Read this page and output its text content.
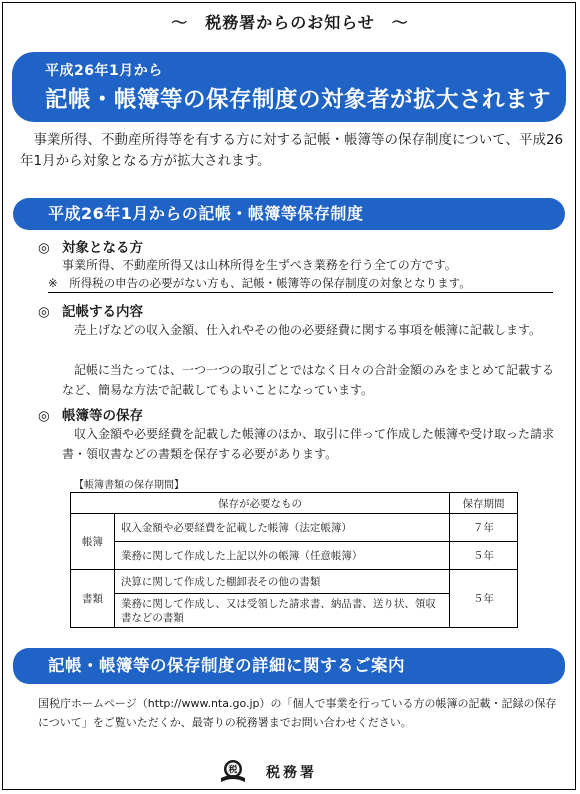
～　税務署からのお知らせ　～
平成26年1月から
記帳・帳簿等の保存制度の対象者が拡大されます
　事業所得、不動産所得等を有する方に対する記帳・帳簿等の保存制度について、平成26年1月から対象となる方が拡大されます。
平成26年1月からの記帳・帳簿等保存制度
◎ 対象となる方
事業所得、不動産所得又は山林所得を生ずべき業務を行う全ての方です。
※　所得税の申告の必要がない方も、記帳・帳簿等の保存制度の対象となります。
◎ 記帳する内容
　売上げなどの収入金額、仕入れやその他の必要経費に関する事項を帳簿に記載します。
　記帳に当たっては、一つ一つの取引ごとではなく日々の合計金額のみをまとめて記載するなど、簡易な方法で記載してもよいことになっています。
◎ 帳簿等の保存
　収入金額や必要経費を記載した帳簿のほか、取引に伴って作成した帳簿や受け取った請求書・領収書などの書類を保存する必要があります。
【帳簿書類の保存期間】
保存が必要なもの		保存期間
帳簿	収入金額や必要経費を記載した帳簿（法定帳簿）	７年
	業務に関して作成した上記以外の帳簿（任意帳簿）	５年
書類	決算に関して作成した棚卸表その他の書類	５年
	業務に関して作成し、又は受領した請求書、納品書、送り状、領収書などの書類	
記帳・帳簿等の保存制度の詳細に関するご案内
国税庁ホームページ（http://www.nta.go.jp）の「個人で事業を行っている方の帳簿の記載・記録の保存について」をご覧いただくか、最寄りの税務署までお問い合わせください。
税 税務署
